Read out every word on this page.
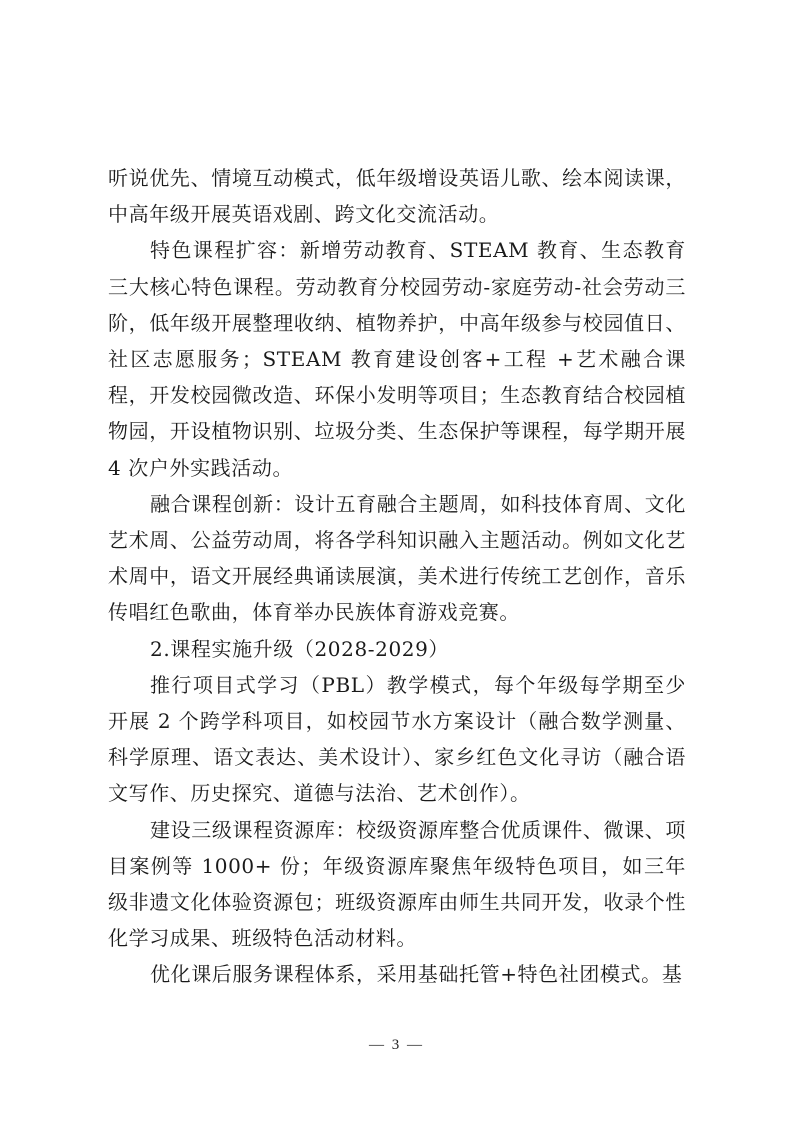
听说优先、情境互动模式，低年级增设英语儿歌、绘本阅读课，中高年级开展英语戏剧、跨文化交流活动。

特色课程扩容：新增劳动教育、STEAM 教育、生态教育三大核心特色课程。劳动教育分校园劳动-家庭劳动-社会劳动三阶，低年级开展整理收纳、植物养护，中高年级参与校园值日、社区志愿服务；STEAM 教育建设创客+工程 +艺术融合课程，开发校园微改造、环保小发明等项目；生态教育结合校园植物园，开设植物识别、垃圾分类、生态保护等课程，每学期开展 4 次户外实践活动。

融合课程创新：设计五育融合主题周，如科技体育周、文化艺术周、公益劳动周，将各学科知识融入主题活动。例如文化艺术周中，语文开展经典诵读展演，美术进行传统工艺创作，音乐传唱红色歌曲，体育举办民族体育游戏竞赛。

2.课程实施升级（2028-2029）

推行项目式学习（PBL）教学模式，每个年级每学期至少开展 2 个跨学科项目，如校园节水方案设计（融合数学测量、科学原理、语文表达、美术设计）、家乡红色文化寻访（融合语文写作、历史探究、道德与法治、艺术创作）。

建设三级课程资源库：校级资源库整合优质课件、微课、项目案例等 1000+ 份；年级资源库聚焦年级特色项目，如三年级非遗文化体验资源包；班级资源库由师生共同开发，收录个性化学习成果、班级特色活动材料。

优化课后服务课程体系，采用基础托管+特色社团模式。基

— 3 —
